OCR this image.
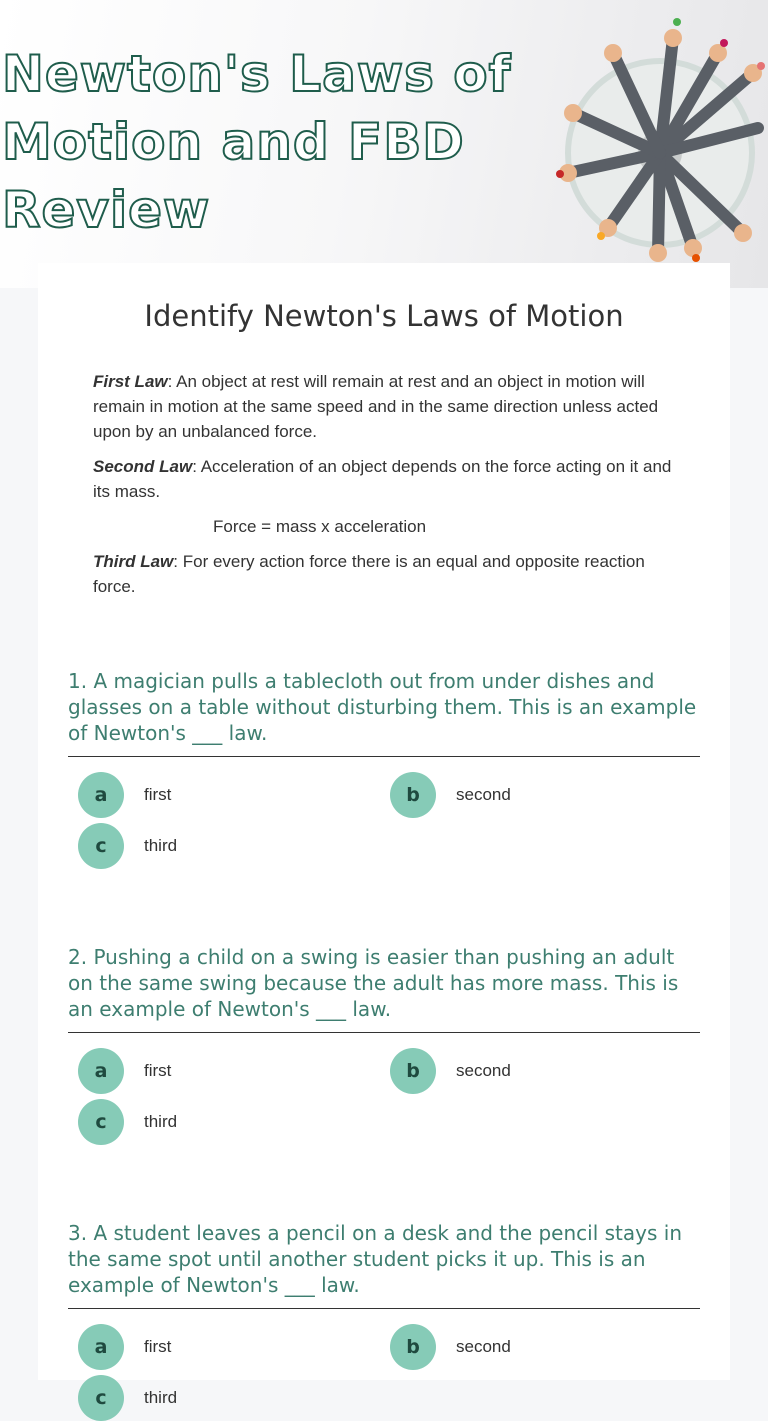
Newton's Laws of Motion and FBD Review
Identify Newton's Laws of Motion

First Law: An object at rest will remain at rest and an object in motion will remain in motion at the same speed and in the same direction unless acted upon by an unbalanced force.

Second Law: Acceleration of an object depends on the force acting on it and its mass.

Force = mass x acceleration

Third Law: For every action force there is an equal and opposite reaction force.

1. A magician pulls a tablecloth out from under dishes and glasses on a table without disturbing them. This is an example of Newton's ___ law.

a	first	b	second
c	third

2. Pushing a child on a swing is easier than pushing an adult on the same swing because the adult has more mass. This is an example of Newton's ___ law.

a	first	b	second
c	third

3. A student leaves a pencil on a desk and the pencil stays in the same spot until another student picks it up. This is an example of Newton's ___ law.

a	first	b	second
c	third
